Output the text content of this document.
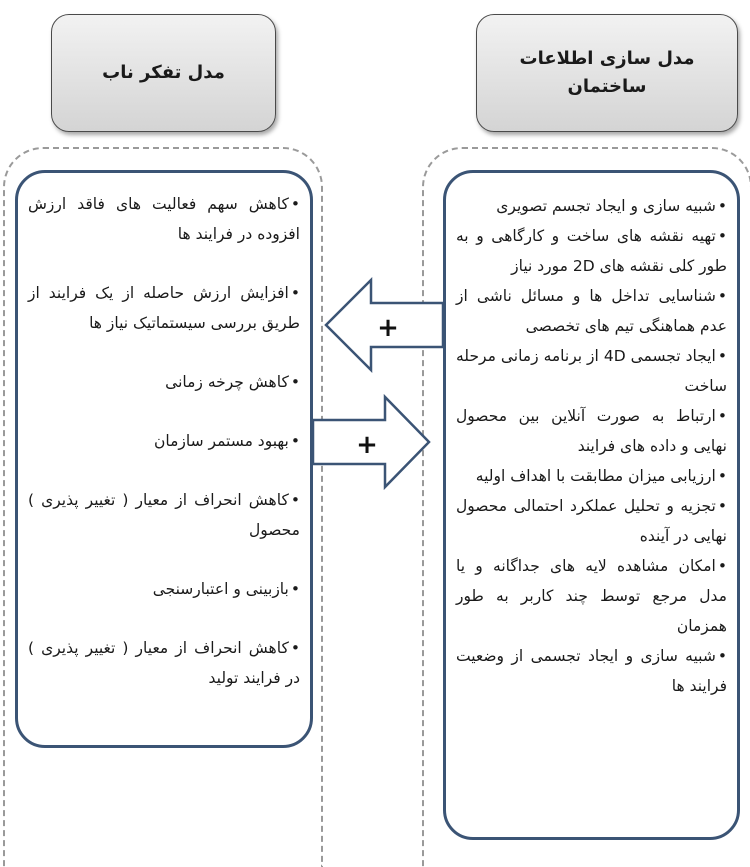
مدل سازی اطلاعات
ساختمان
مدل تفکر ناب
•شبیه سازی و ایجاد تجسم تصویری
•تهیه نقشه های ساخت و کارگاهی و به طور کلی نقشه های 2D مورد نیاز
•شناسایی تداخل ها و مسائل ناشی از عدم هماهنگی تیم های تخصصی
•ایجاد تجسمی 4D از برنامه زمانی مرحله ساخت
•ارتباط به صورت آنلاین بین محصول نهایی و داده های فرایند
•ارزیابی میزان مطابقت با اهداف اولیه
•تجزیه و تحلیل عملکرد احتمالی محصول نهایی در آینده
•امکان مشاهده لایه های جداگانه و یا مدل مرجع توسط چند کاربر به طور همزمان
•شبیه سازی و ایجاد تجسمی از وضعیت فرایند ها
•کاهش سهم فعالیت های فاقد ارزش افزوده در فرایند ها
•افزایش ارزش حاصله از یک فرایند از طریق بررسی سیستماتیک نیاز ها
•کاهش چرخه زمانی
•بهبود مستمر سازمان
•کاهش انحراف از معیار ( تغییر پذیری ) محصول
•بازبینی و اعتبارسنجی
•کاهش انحراف از معیار ( تغییر پذیری ) در فرایند تولید
+
+
